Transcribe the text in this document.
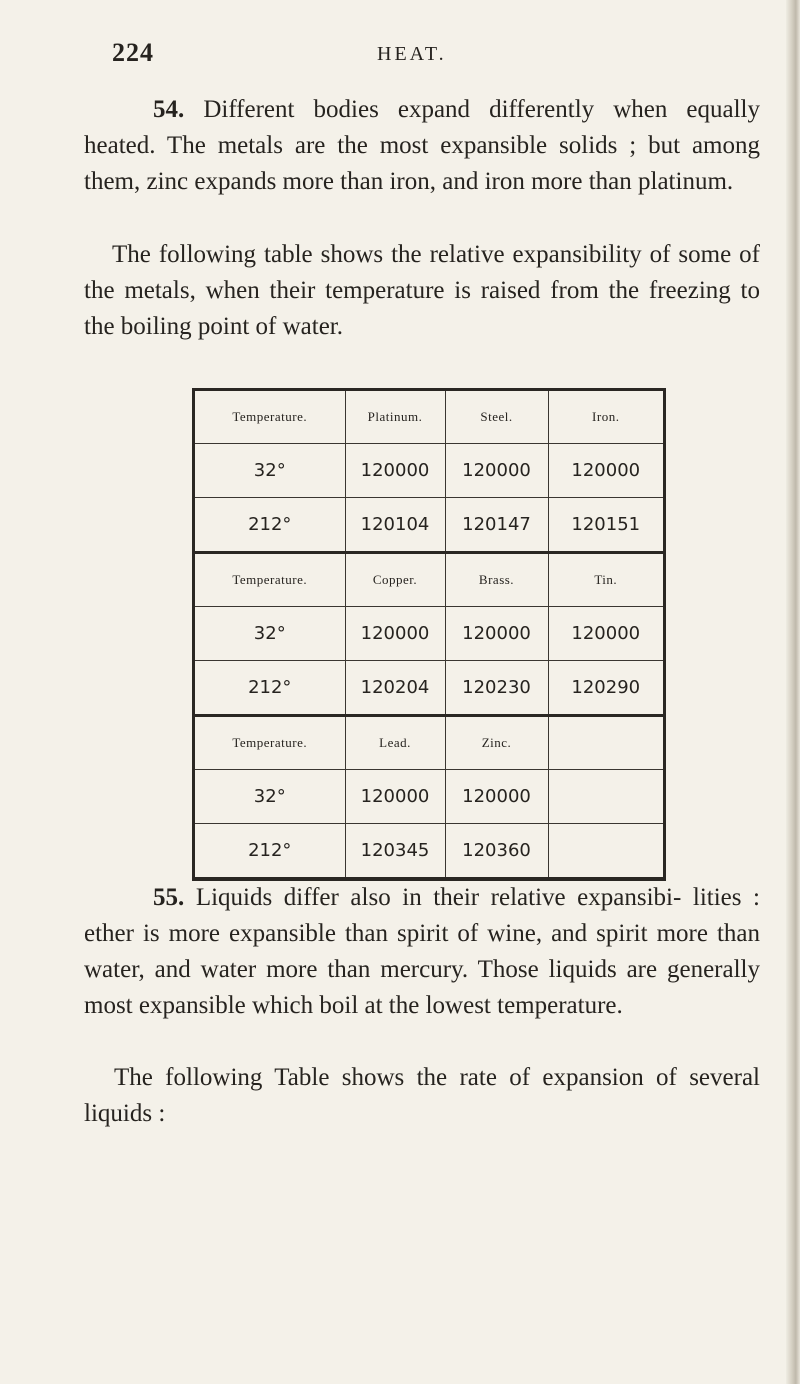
224	HEAT.

54. Different bodies expand differently when equally heated. The metals are the most expansible solids ; but among them, zinc expands more than iron, and iron more than platinum.

The following table shows the relative expansibility of some of the metals, when their temperature is raised from the freezing to the boiling point of water.

Temperature.	Platinum.	Steel.	Iron.
32°	120000	120000	120000
212°	120104	120147	120151
Temperature.	Copper.	Brass.	Tin.
32°	120000	120000	120000
212°	120204	120230	120290
Temperature.	Lead.	Zinc.	
32°	120000	120000	
212°	120345	120360	

55. Liquids differ also in their relative expansibi- lities : ether is more expansible than spirit of wine, and spirit more than water, and water more than mercury. Those liquids are generally most expansible which boil at the lowest temperature.

The following Table shows the rate of expansion of several liquids :
